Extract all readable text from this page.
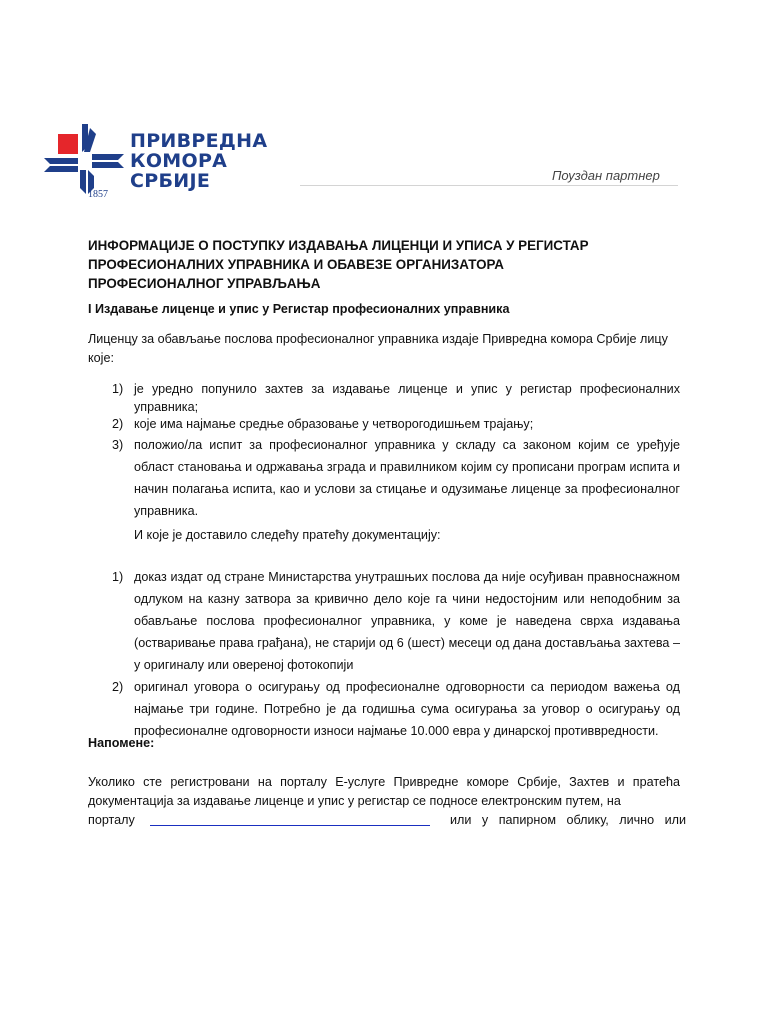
ПРИВРЕДНА
КОМОРА
СРБИЈЕ
1857
Поуздан партнер
ИНФОРМАЦИЈЕ О ПОСТУПКУ ИЗДАВАЊА ЛИЦЕНЦИ И УПИСА У РЕГИСТАР
ПРОФЕСИОНАЛНИХ УПРАВНИКА И ОБАВЕЗЕ ОРГАНИЗАТОРА
ПРОФЕСИОНАЛНОГ УПРАВЉАЊА
I Издавање лиценце и упис у Регистар професионалних управника

Лиценцу за обављање послова професионалног управника издаје Привредна комора Србије лицу које:

1) је уредно попунило захтев за издавање лиценце и упис у регистар професионалних управника;
2) које има најмање средње образовање у четворогодишњем трајању;
3) положио/ла испит за професионалног управника у складу са законом којим се уређује област становања и одржавања зграда и правилником којим су прописани програм испита и начин полагања испита, као и услови за стицање и одузимање лиценце за професионалног управника.
И које је доставило следећу пратећу документацију:
1) доказ издат од стране Министарства унутрашњих послова да није осуђиван правноснажном одлуком на казну затвора за кривично дело које га чини недостојним или неподобним за обављање послова професионалног управника, у коме је наведена сврха издавања (остваривање права грађана), не старији од 6 (шест) месеци од дана достављања захтева – у оригиналу или овереној фотокопији
2) оригинал уговора о осигурању од професионалне одговорности са периодом важења од најмање три године. Потребно је да годишња сума осигурања за уговор о осигурању од професионалне одговорности износи најмање 10.000 евра у динарској противвредности.
Напомене:
Уколико сте регистровани на порталу Е-услуге Привредне коморе Србије, Захтев и пратећа документација за издавање лиценце и упис у регистар се подносе електронским путем, на
порталу	или у папирном облику, лично или
